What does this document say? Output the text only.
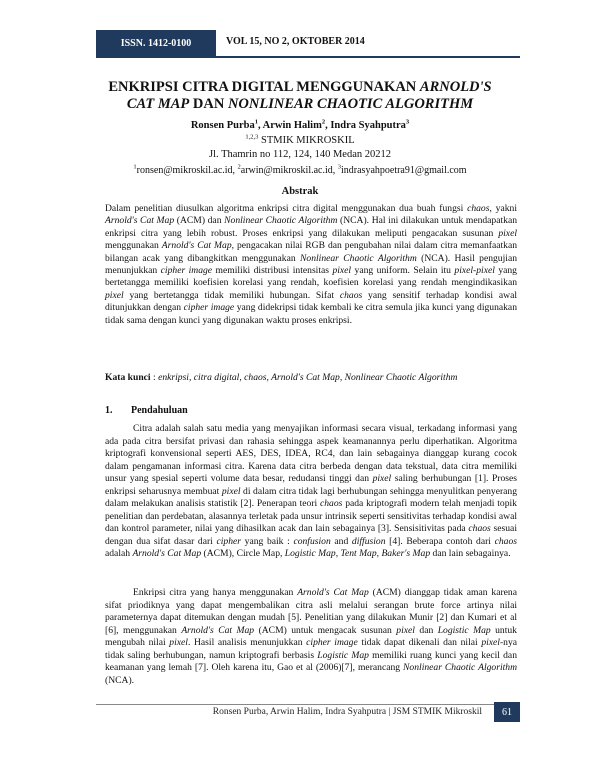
ISSN. 1412-0100	VOL 15, NO 2, OKTOBER 2014
ENKRIPSI CITRA DIGITAL MENGGUNAKAN ARNOLD'S
CAT MAP DAN NONLINEAR CHAOTIC ALGORITHM
Ronsen Purba$^1$, Arwin Halim$^2$, Indra Syahputra$^3$
$^{1,2,3}$ STMIK MIKROSKIL
Jl. Thamrin no 112, 124, 140 Medan 20212
$^1$ronsen@mikroskil.ac.id, $^2$arwin@mikroskil.ac.id, $^3$indrasyahpoetra91@gmail.com
Abstrak
Dalam penelitian diusulkan algoritma enkripsi citra digital menggunakan dua buah fungsi chaos, yakni Arnold's Cat Map (ACM) dan Nonlinear Chaotic Algorithm (NCA). Hal ini dilakukan untuk mendapatkan enkripsi citra yang lebih robust. Proses enkripsi yang dilakukan meliputi pengacakan susunan pixel menggunakan Arnold's Cat Map, pengacakan nilai RGB dan pengubahan nilai dalam citra memanfaatkan bilangan acak yang dibangkitkan menggunakan Nonlinear Chaotic Algorithm (NCA). Hasil pengujian menunjukkan cipher image memiliki distribusi intensitas pixel yang uniform. Selain itu pixel-pixel yang bertetangga memiliki koefisien korelasi yang rendah, koefisien korelasi yang rendah mengindikasikan pixel yang bertetangga tidak memiliki hubungan. Sifat chaos yang sensitif terhadap kondisi awal ditunjukkan dengan cipher image yang didekripsi tidak kembali ke citra semula jika kunci yang digunakan tidak sama dengan kunci yang digunakan waktu proses enkripsi.
Kata kunci : enkripsi, citra digital, chaos, Arnold's Cat Map, Nonlinear Chaotic Algorithm
1. Pendahuluan
Citra adalah salah satu media yang menyajikan informasi secara visual, terkadang informasi yang ada pada citra bersifat privasi dan rahasia sehingga aspek keamanannya perlu diperhatikan. Algoritma kriptografi konvensional seperti AES, DES, IDEA, RC4, dan lain sebagainya dianggap kurang cocok dalam pengamanan informasi citra. Karena data citra berbeda dengan data tekstual, data citra memiliki unsur yang spesial seperti volume data besar, redudansi tinggi dan pixel saling berhubungan [1]. Proses enkripsi seharusnya membuat pixel di dalam citra tidak lagi berhubungan sehingga menyulitkan penyerang dalam melakukan analisis statistik [2]. Penerapan teori chaos pada kriptografi modern telah menjadi topik penelitian dan perdebatan, alasannya terletak pada unsur intrinsik seperti sensitivitas terhadap kondisi awal dan kontrol parameter, nilai yang dihasilkan acak dan lain sebagainya [3]. Sensisitivitas pada chaos sesuai dengan dua sifat dasar dari cipher yang baik : confusion and diffusion [4]. Beberapa contoh dari chaos adalah Arnold's Cat Map (ACM), Circle Map, Logistic Map, Tent Map, Baker's Map dan lain sebagainya.
Enkripsi citra yang hanya menggunakan Arnold's Cat Map (ACM) dianggap tidak aman karena sifat priodiknya yang dapat mengembalikan citra asli melalui serangan brute force artinya nilai parameternya dapat ditemukan dengan mudah [5]. Penelitian yang dilakukan Munir [2] dan Kumari et al [6], menggunakan Arnold's Cat Map (ACM) untuk mengacak susunan pixel dan Logistic Map untuk mengubah nilai pixel. Hasil analisis menunjukkan cipher image tidak dapat dikenali dan nilai pixel-nya tidak saling berhubungan, namun kriptografi berbasis Logistic Map memiliki ruang kunci yang kecil dan keamanan yang lemah [7]. Oleh karena itu, Gao et al (2006)[7], merancang Nonlinear Chaotic Algorithm (NCA).
Ronsen Purba, Arwin Halim, Indra Syahputra | JSM STMIK Mikroskil	61
